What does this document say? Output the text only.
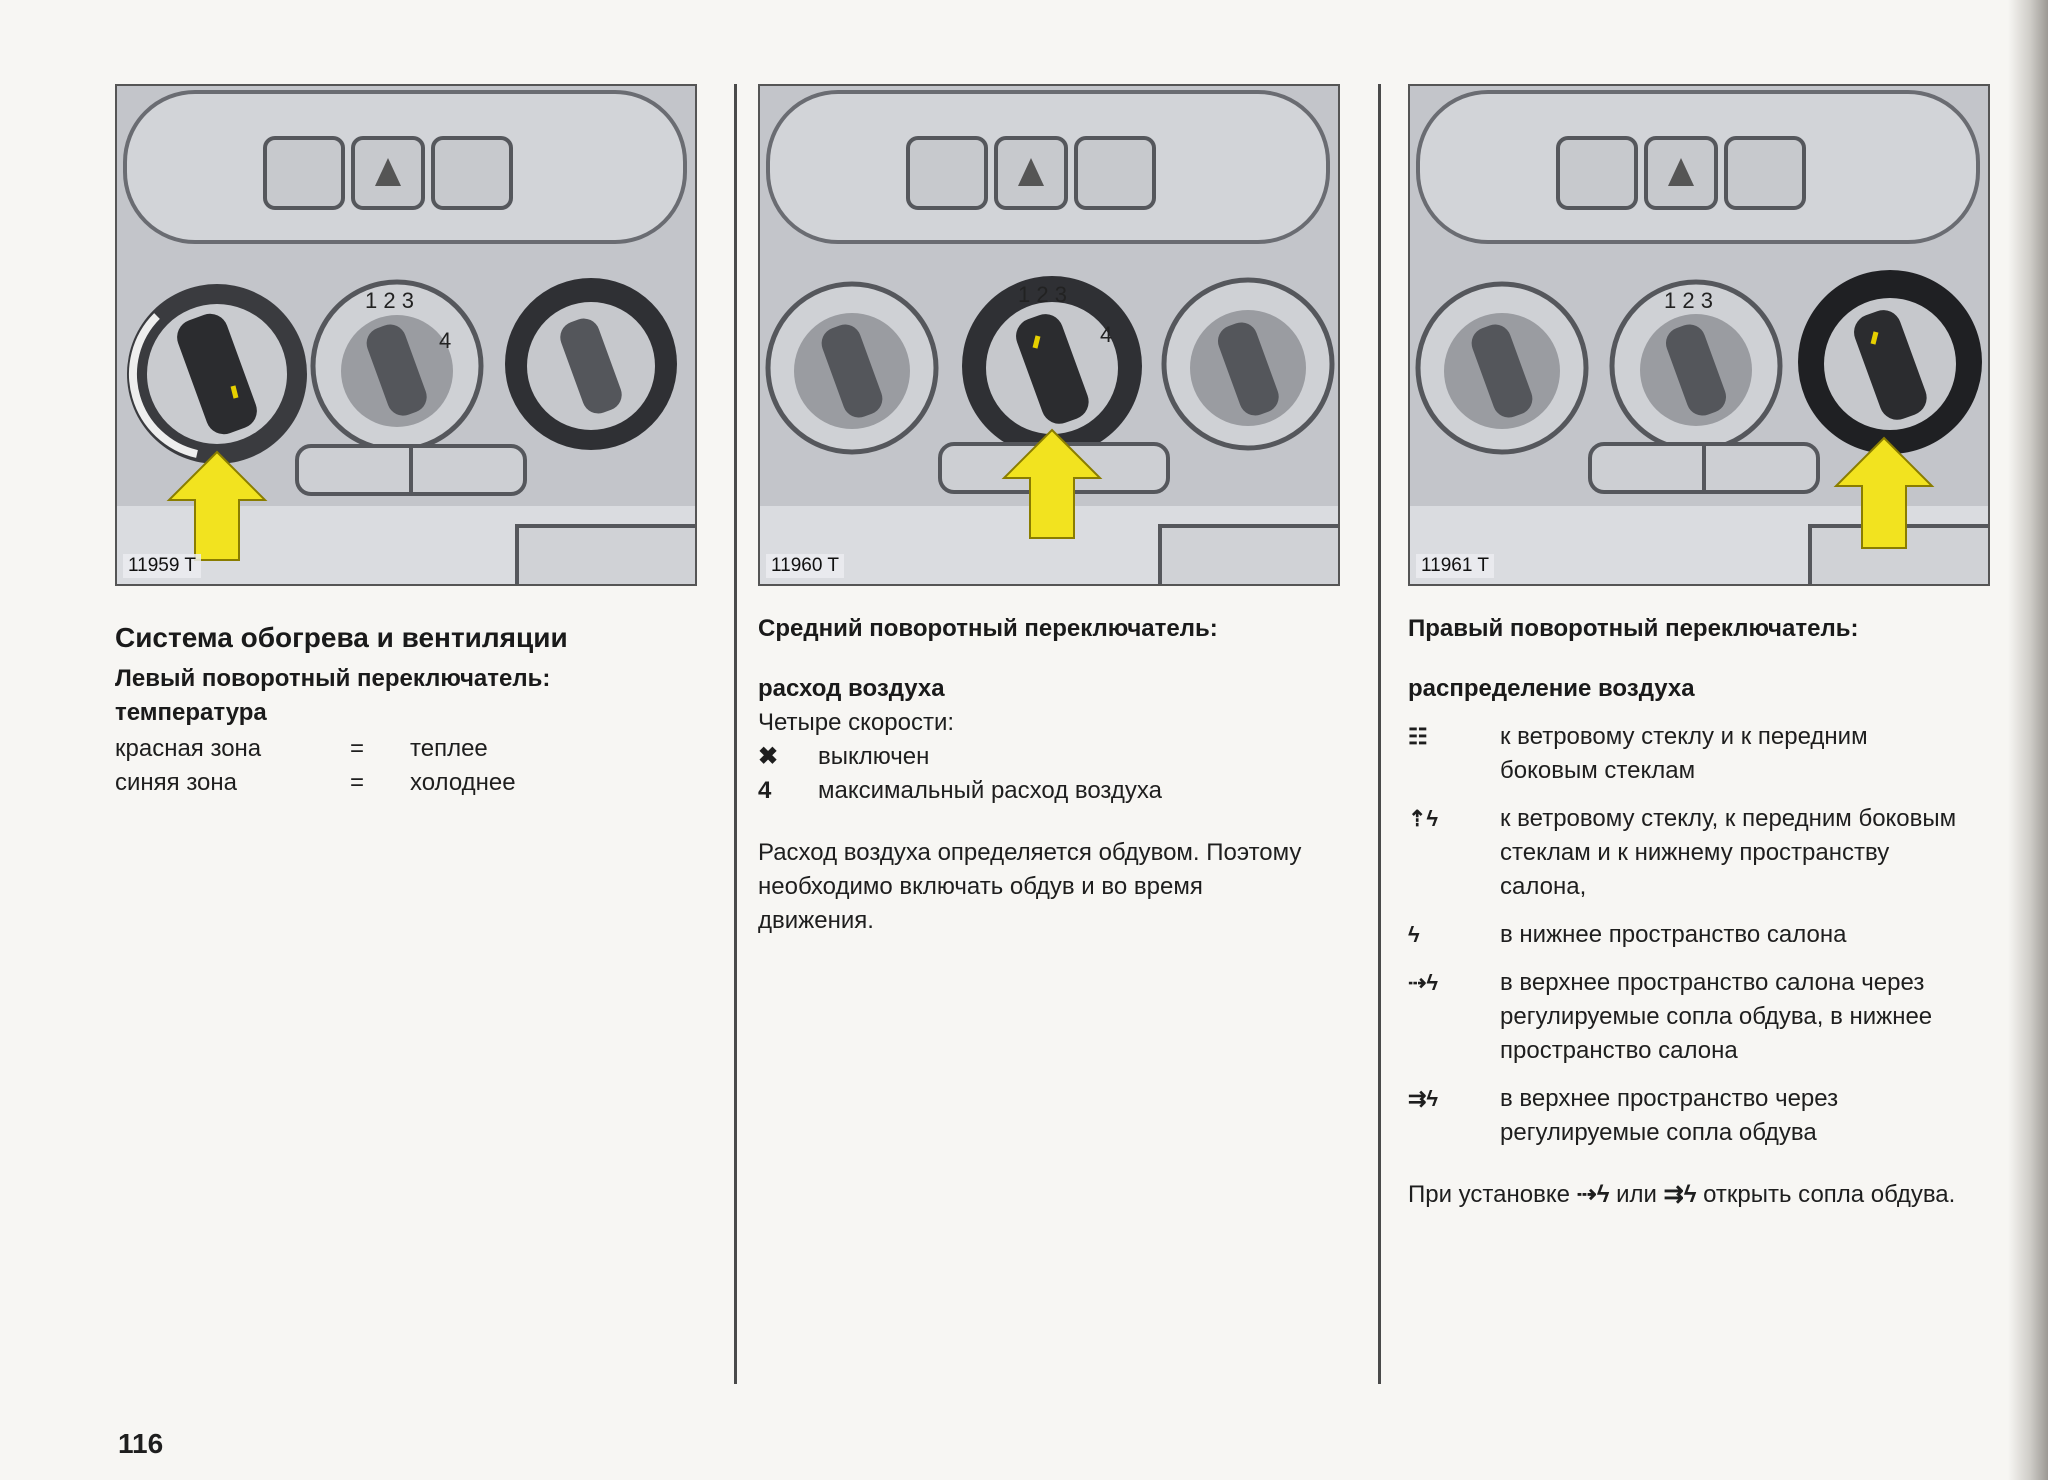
1 2 3
4
11959 T
Система обогрева и вентиляции
Левый поворотный переключатель:
температура
красная зона	=	теплее
синяя зона	=	холоднее
1 2 3
4
11960 T
Средний поворотный переключатель:
расход воздуха
Четыре скорости:
✖	выключен
4	максимальный расход воздуха
Расход воздуха определяется обдувом. Поэтому необходимо включать обдув и во время движения.
1 2 3
11961 T
Правый поворотный переключатель:
распределение воздуха
☷	к ветровому стеклу и к передним боковым стеклам
⇡ϟ	к ветровому стеклу, к передним боковым стеклам и к нижнему пространству салона,
ϟ	в нижнее пространство салона
⇢ϟ	в верхнее пространство салона через регулируемые сопла обдува, в нижнее пространство салона
⇉ϟ	в верхнее пространство через регулируемые сопла обдува
При установке ⇢ϟ или ⇉ϟ открыть сопла обдува.
116
